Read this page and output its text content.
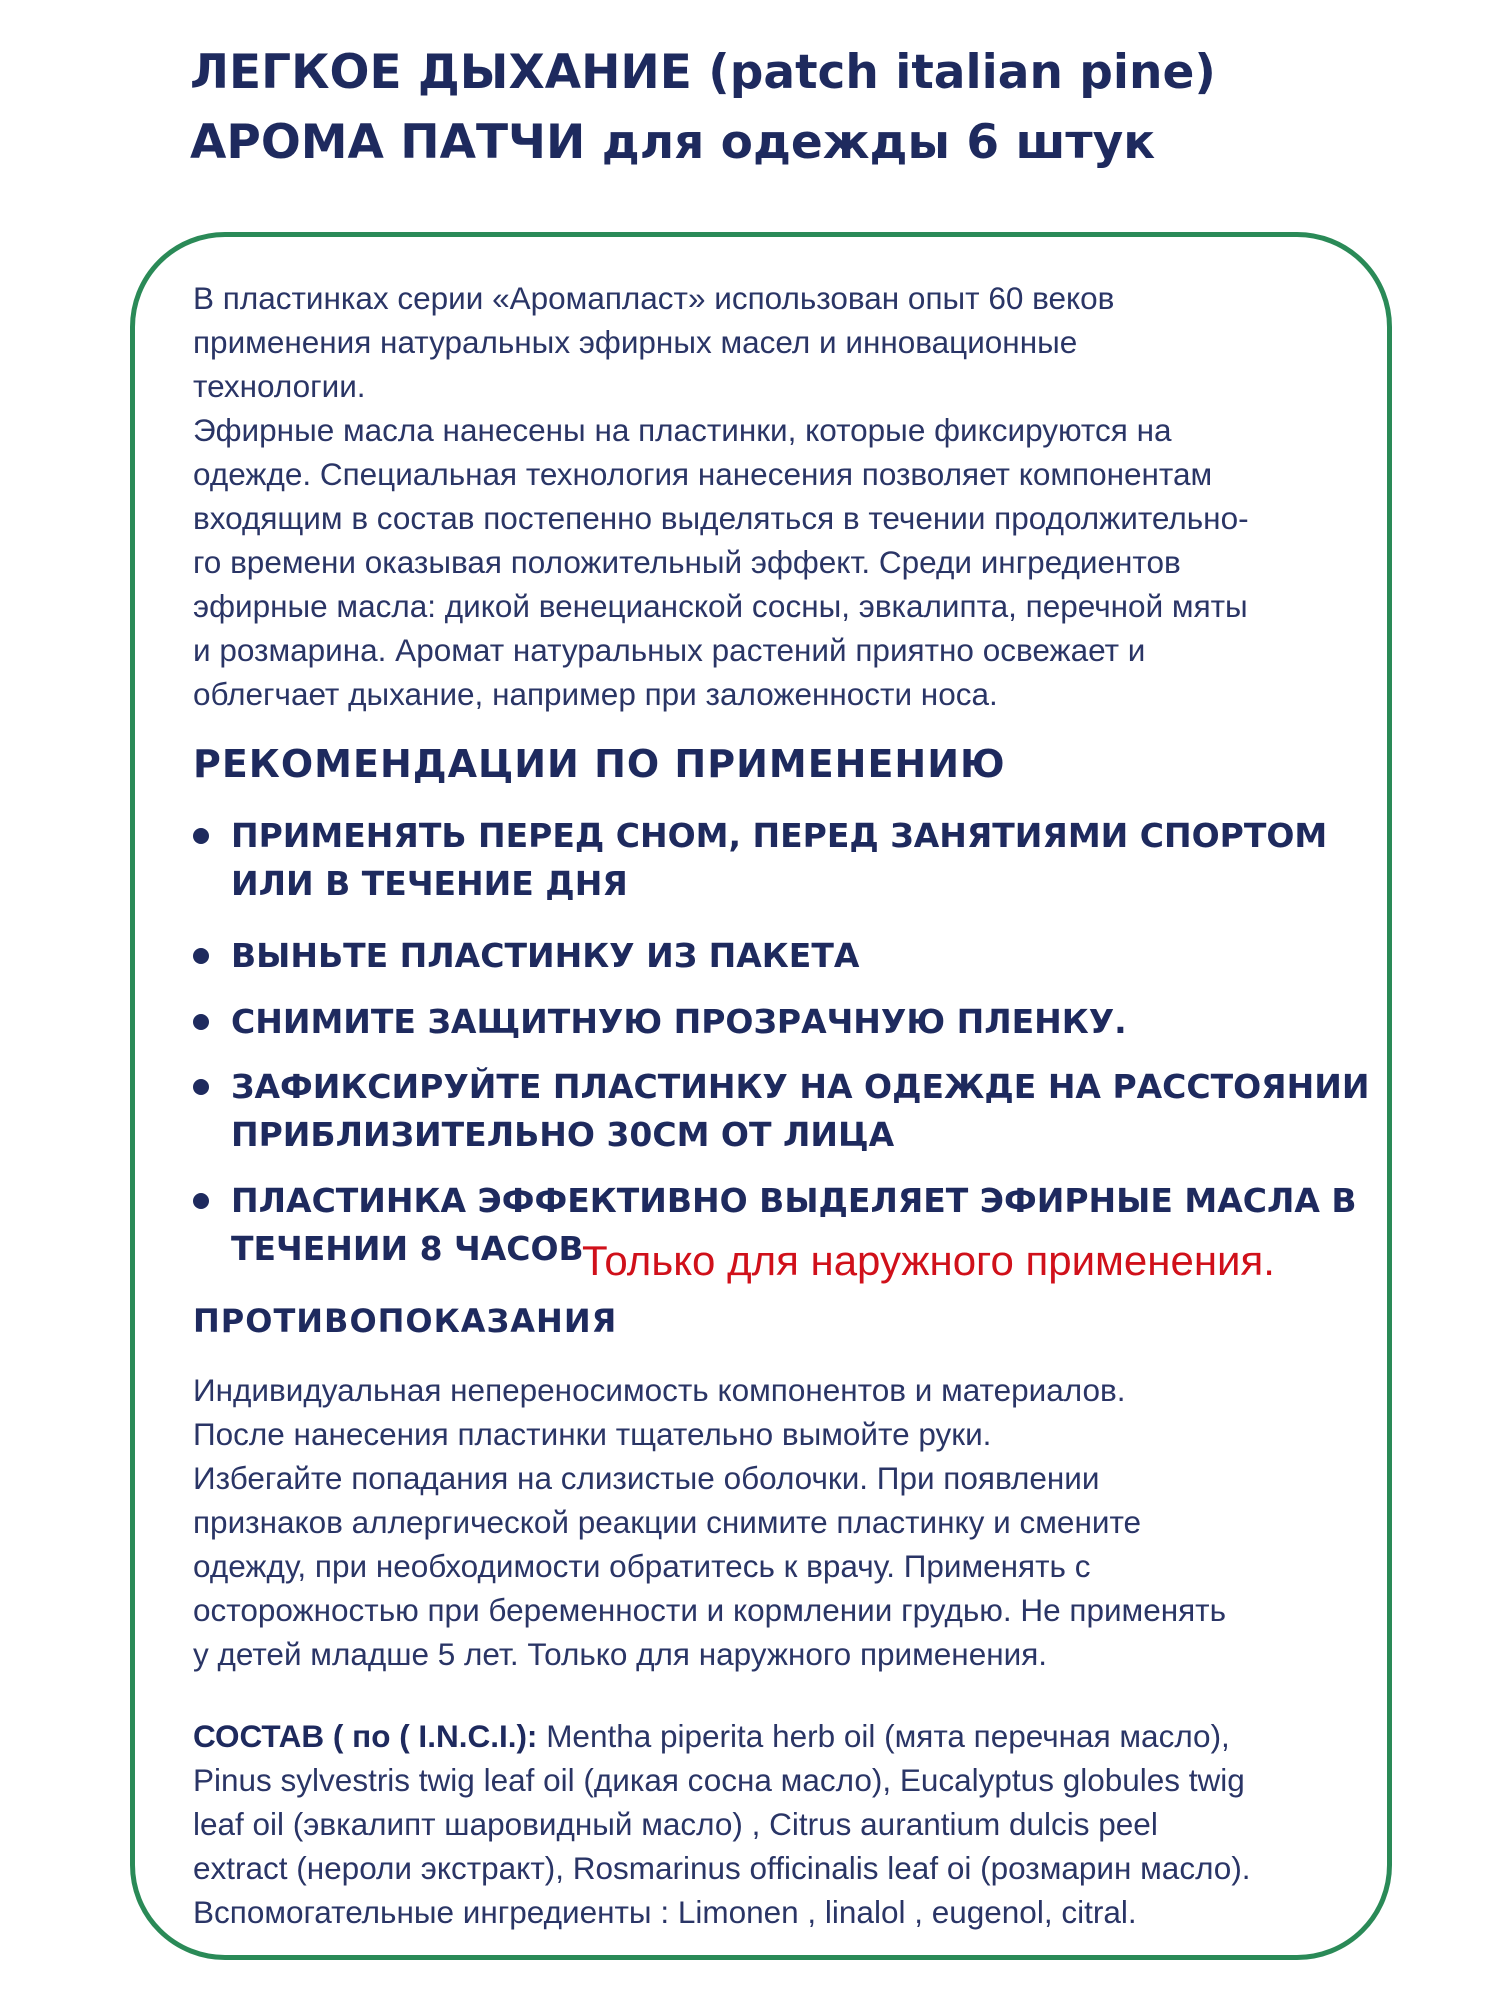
ЛЕГКОЕ ДЫХАНИЕ (patch italian pine)
АРОМА ПАТЧИ для одежды 6 штук
В пластинках серии «Аромапласт» использован опыт 60 веков
применения натуральных эфирных масел и инновационные
технологии.
Эфирные масла нанесены на пластинки, которые фиксируются на
одежде. Специальная технология нанесения позволяет компонентам
входящим в состав постепенно выделяться в течении продолжительно-
го времени оказывая положительный эффект. Среди ингредиентов
эфирные масла: дикой венецианской сосны, эвкалипта, перечной мяты
и розмарина. Аромат натуральных растений приятно освежает и
облегчает дыхание, например при заложенности носа.
РЕКОМЕНДАЦИИ ПО ПРИМЕНЕНИЮ
ПРИМЕНЯТЬ ПЕРЕД СНОМ, ПЕРЕД ЗАНЯТИЯМИ СПОРТОМ
ИЛИ В ТЕЧЕНИЕ ДНЯ
ВЫНЬТЕ ПЛАСТИНКУ ИЗ ПАКЕТА
СНИМИТЕ ЗАЩИТНУЮ ПРОЗРАЧНУЮ ПЛЕНКУ.
ЗАФИКСИРУЙТЕ ПЛАСТИНКУ НА ОДЕЖДЕ НА РАССТОЯНИИ
ПРИБЛИЗИТЕЛЬНО 30СМ ОТ ЛИЦА
ПЛАСТИНКА ЭФФЕКТИВНО ВЫДЕЛЯЕТ ЭФИРНЫЕ МАСЛА В
ТЕЧЕНИИ 8 ЧАСОВ

Только для наружного применения.

ПРОТИВОПОКАЗАНИЯ
Индивидуальная непереносимость компонентов и материалов.
После нанесения пластинки тщательно вымойте руки.
Избегайте попадания на слизистые оболочки. При появлении
признаков аллергической реакции снимите пластинку и смените
одежду, при необходимости обратитесь к врачу. Применять с
осторожностью при беременности и кормлении грудью. Не применять
у детей младше 5 лет. Только для наружного применения.
СОСТАВ ( по ( I.N.C.I.): Mentha piperita herb oil (мята перечная масло),
Pinus sylvestris twig leaf oil (дикая сосна масло), Eucalyptus globules twig
leaf oil (эвкалипт шаровидный масло) , Citrus aurantium dulcis peel
extract (нероли экстракт), Rosmarinus officinalis leaf oi (розмарин масло).
Вспомогательные ингредиенты : Limonen , linalol , eugenol, citral.
